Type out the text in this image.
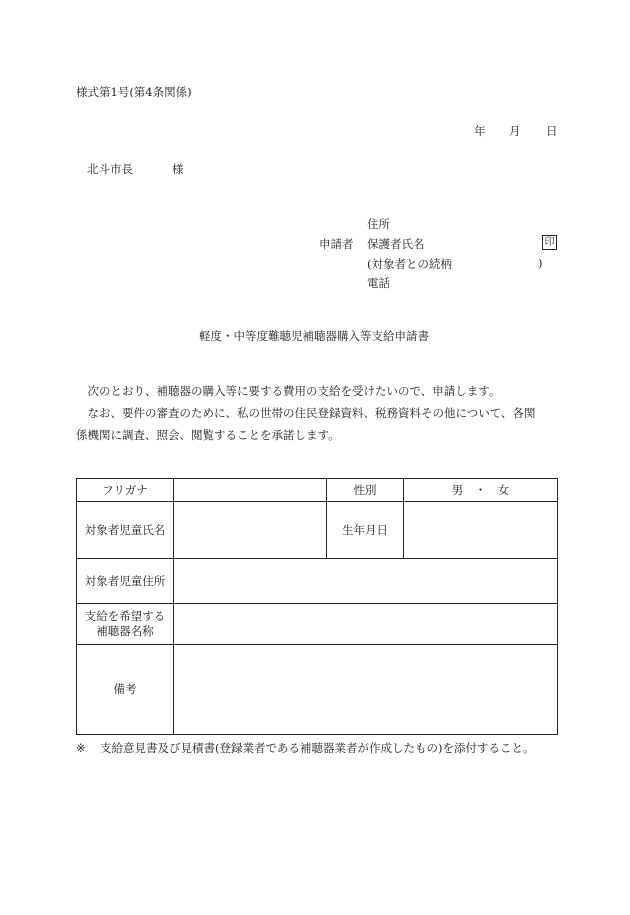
様式第1号(第4条関係)
年 月 日
北斗市長	様
申請者
住所
保護者氏名	印
(対象者との続柄	)
電話
軽度・中等度難聴児補聴器購入等支給申請書
　次のとおり、補聴器の購入等に要する費用の支給を受けたいので、申請します。
　なお、要件の審査のために、私の世帯の住民登録資料、税務資料その他について、各関
係機関に調査、照会、閲覧することを承諾します。
フリガナ		性別	男　・　女
対象者児童氏名		生年月日	
対象者児童住所			
支給を希望する
補聴器名称			
備考			
※ 支給意見書及び見積書(登録業者である補聴器業者が作成したもの)を添付すること。
